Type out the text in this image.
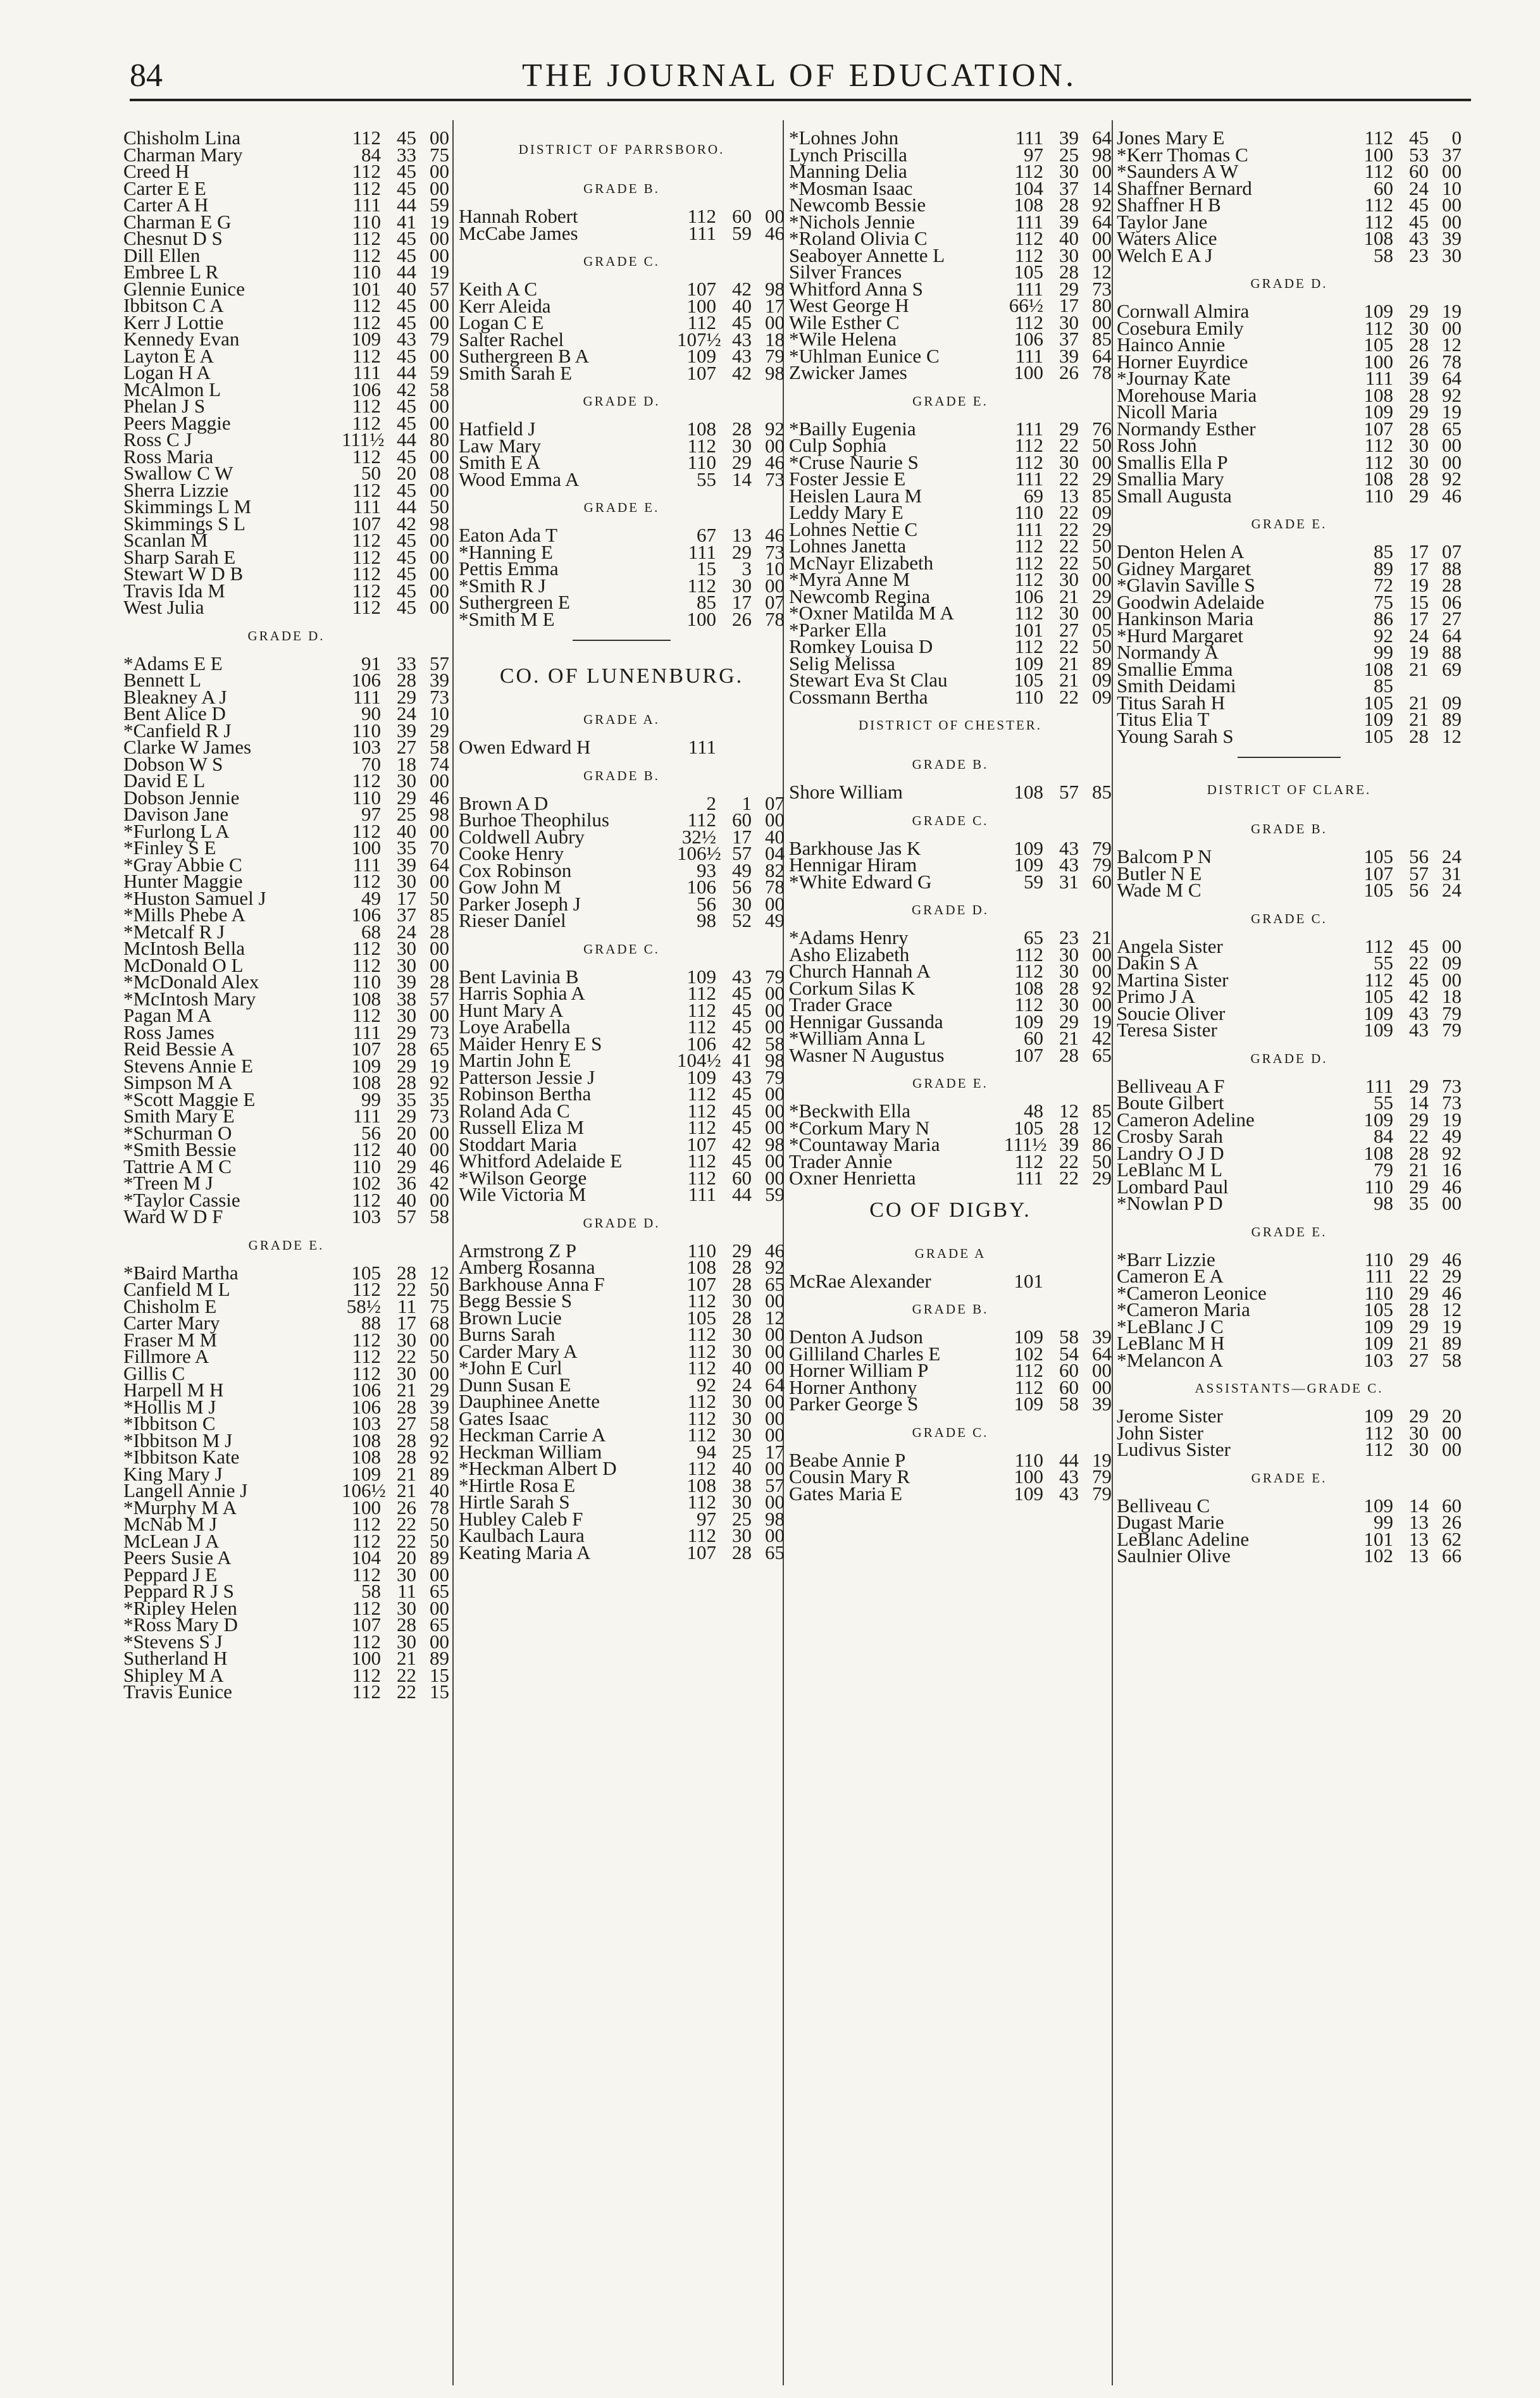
84	THE JOURNAL OF EDUCATION.
Chisholm Lina	112 45 00
Charman Mary	84 33 75
Creed H	112 45 00
Carter E E	112 45 00
Carter A H	111 44 59
Charman E G	110 41 19
Chesnut D S	112 45 00
Dill Ellen	112 45 00
Embree L R	110 44 19
Glennie Eunice	101 40 57
Ibbitson C A	112 45 00
Kerr J Lottie	112 45 00
Kennedy Evan	109 43 79
Layton E A	112 45 00
Logan H A	111 44 59
McAlmon L	106 42 58
Phelan J S	112 45 00
Peers Maggie	112 45 00
Ross C J	111½ 44 80
Ross Maria	112 45 00
Swallow C W	50 20 08
Sherra Lizzie	112 45 00
Skimmings L M	111 44 50
Skimmings S L	107 42 98
Scanlan M	112 45 00
Sharp Sarah E	112 45 00
Stewart W D B	112 45 00
Travis Ida M	112 45 00
West Julia	112 45 00
GRADE D.
*Adams E E	91 33 57
Bennett L	106 28 39
Bleakney A J	111 29 73
Bent Alice D	90 24 10
*Canfield R J	110 39 29
Clarke W James	103 27 58
Dobson W S	70 18 74
David E L	112 30 00
Dobson Jennie	110 29 46
Davison Jane	97 25 98
*Furlong L A	112 40 00
*Finley S E	100 35 70
*Gray Abbie C	111 39 64
Hunter Maggie	112 30 00
*Huston Samuel J	49 17 50
*Mills Phebe A	106 37 85
*Metcalf R J	68 24 28
McIntosh Bella	112 30 00
McDonald O L	112 30 00
*McDonald Alex	110 39 28
*McIntosh Mary	108 38 57
Pagan M A	112 30 00
Ross James	111 29 73
Reid Bessie A	107 28 65
Stevens Annie E	109 29 19
Simpson M A	108 28 92
*Scott Maggie E	99 35 35
Smith Mary E	111 29 73
*Schurman O	56 20 00
*Smith Bessie	112 40 00
Tattrie A M C	110 29 46
*Treen M J	102 36 42
*Taylor Cassie	112 40 00
Ward W D F	103 57 58
GRADE E.
*Baird Martha	105 28 12
Canfield M L	112 22 50
Chisholm E	58½ 11 75
Carter Mary	88 17 68
Fraser M M	112 30 00
Fillmore A	112 22 50
Gillis C	112 30 00
Harpell M H	106 21 29
*Hollis M J	106 28 39
*Ibbitson C	103 27 58
*Ibbitson M J	108 28 92
*Ibbitson Kate	108 28 92
King Mary J	109 21 89
Langell Annie J	106½ 21 40
*Murphy M A	100 26 78
McNab M J	112 22 50
McLean J A	112 22 50
Peers Susie A	104 20 89
Peppard J E	112 30 00
Peppard R J S	58 11 65
*Ripley Helen	112 30 00
*Ross Mary D	107 28 65
*Stevens S J	112 30 00
Sutherland H	100 21 89
Shipley M A	112 22 15
Travis Eunice	112 22 15
DISTRICT OF PARRSBORO.
GRADE B.
Hannah Robert	112 60 00
McCabe James	111 59 46
GRADE C.
Keith A C	107 42 98
Kerr Aleida	100 40 17
Logan C E	112 45 00
Salter Rachel	107½ 43 18
Suthergreen B A	109 43 79
Smith Sarah E	107 42 98
GRADE D.
Hatfield J	108 28 92
Law Mary	112 30 00
Smith E A	110 29 46
Wood Emma A	55 14 73
GRADE E.
Eaton Ada T	67 13 46
*Hanning E	111 29 73
Pettis Emma	15	3 10
*Smith R J	112 30 00
Suthergreen E	85 17 07
*Smith M E	100 26 78
CO. OF LUNENBURG.
GRADE A.
Owen Edward H	111
GRADE B.
Brown A D	2	1 07
Burhoe Theophilus	112 60 00
Coldwell Aubry	32½ 17 40
Cooke Henry	106½ 57 04
Cox Robinson	93 49 82
Gow John M	106 56 78
Parker Joseph J	56 30 00
Rieser Daniel	98 52 49
GRADE C.
Bent Lavinia B	109 43 79
Harris Sophia A	112 45 00
Hunt Mary A	112 45 00
Loye Arabella	112 45 00
Maider Henry E S	106 42 58
Martin John E	104½ 41 98
Patterson Jessie J	109 43 79
Robinson Bertha	112 45 00
Roland Ada C	112 45 00
Russell Eliza M	112 45 00
Stoddart Maria	107 42 98
Whitford Adelaide E	112 45 00
*Wilson George	112 60 00
Wile Victoria M	111 44 59
GRADE D.
Armstrong Z P	110 29 46
Amberg Rosanna	108 28 92
Barkhouse Anna F	107 28 65
Begg Bessie S	112 30 00
Brown Lucie	105 28 12
Burns Sarah	112 30 00
Carder Mary A	112 30 00
*John E Curl	112 40 00
Dunn Susan E	92 24 64
Dauphinee Anette	112 30 00
Gates Isaac	112 30 00
Heckman Carrie A	112 30 00
Heckman William	94 25 17
*Heckman Albert D	112 40 00
*Hirtle Rosa E	108 38 57
Hirtle Sarah S	112 30 00
Hubley Caleb F	97 25 98
Kaulbach Laura	112 30 00
Keating Maria A	107 28 65
*Lohnes John	111 39 64
Lynch Priscilla	97 25 98
Manning Delia	112 30 00
*Mosman Isaac	104 37 14
Newcomb Bessie	108 28 92
*Nichols Jennie	111 39 64
*Roland Olivia C	112 40 00
Seaboyer Annette L	112 30 00
Silver Frances	105 28 12
Whitford Anna S	111 29 73
West George H	66½ 17 80
Wile Esther C	112 30 00
*Wile Helena	106 37 85
*Uhlman Eunice C	111 39 64
Zwicker James	100 26 78
GRADE E.
*Bailly Eugenia	111 29 76
Culp Sophia	112 22 50
*Cruse Naurie S	112 30 00
Foster Jessie E	111 22 29
Heislen Laura M	69 13 85
Leddy Mary E	110 22 09
Lohnes Nettie C	111 22 29
Lohnes Janetta	112 22 50
McNayr Elizabeth	112 22 50
*Myra Anne M	112 30 00
Newcomb Regina	106 21 29
*Oxner Matilda M A	112 30 00
*Parker Ella	101 27 05
Romkey Louisa D	112 22 50
Selig Melissa	109 21 89
Stewart Eva St Clau	105 21 09
Cossmann Bertha	110 22 09
DISTRICT OF CHESTER.
GRADE B.
Shore William	108 57 85
GRADE C.
Barkhouse Jas K	109 43 79
Hennigar Hiram	109 43 79
*White Edward G	59 31 60
GRADE D.
*Adams Henry	65 23 21
Asho Elizabeth	112 30 00
Church Hannah A	112 30 00
Corkum Silas K	108 28 92
Trader Grace	112 30 00
Hennigar Gussanda	109 29 19
*William Anna L	60 21 42
Wasner N Augustus	107 28 65
GRADE E.
*Beckwith Ella	48 12 85
*Corkum Mary N	105 28 12
*Countaway Maria	111½ 39 86
Trader Annie	112 22 50
Oxner Henrietta	111 22 29
CO OF DIGBY.
GRADE A
McRae Alexander	101
GRADE B.
Denton A Judson	109 58 39
Gilliland Charles E	102 54 64
Horner William P	112 60 00
Horner Anthony	112 60 00
Parker George S	109 58 39
GRADE C.
Beabe Annie P	110 44 19
Cousin Mary R	100 43 79
Gates Maria E	109 43 79
Jones Mary E	112 45	0
*Kerr Thomas C	100 53 37
*Saunders A W	112 60 00
Shaffner Bernard	60 24 10
Shaffner H B	112 45 00
Taylor Jane	112 45 00
Waters Alice	108 43 39
Welch E A J	58 23 30
GRADE D.
Cornwall Almira	109 29 19
Cosebura Emily	112 30 00
Hainco Annie	105 28 12
Horner Euyrdice	100 26 78
*Journay Kate	111 39 64
Morehouse Maria	108 28 92
Nicoll Maria	109 29 19
Normandy Esther	107 28 65
Ross John	112 30 00
Smallis Ella P	112 30 00
Smallia Mary	108 28 92
Small Augusta	110 29 46
GRADE E.
Denton Helen A	85 17 07
Gidney Margaret	89 17 88
*Glavin Saville S	72 19 28
Goodwin Adelaide	75 15 06
Hankinson Maria	86 17 27
*Hurd Margaret	92 24 64
Normandy A	99 19 88
Smallie Emma	108 21 69
Smith Deidami	85
Titus Sarah H	105 21 09
Titus Elia T	109 21 89
Young Sarah S	105 28 12
DISTRICT OF CLARE.
GRADE B.
Balcom P N	105 56 24
Butler N E	107 57 31
Wade M C	105 56 24
GRADE C.
Angela Sister	112 45 00
Dakin S A	55 22 09
Martina Sister	112 45 00
Primo J A	105 42 18
Soucie Oliver	109 43 79
Teresa Sister	109 43 79
GRADE D.
Belliveau A F	111 29 73
Boute Gilbert	55 14 73
Cameron Adeline	109 29 19
Crosby Sarah	84 22 49
Landry O J D	108 28 92
LeBlanc M L	79 21 16
Lombard Paul	110 29 46
*Nowlan P D	98 35 00
GRADE E.
*Barr Lizzie	110 29 46
Cameron E A	111 22 29
*Cameron Leonice	110 29 46
*Cameron Maria	105 28 12
*LeBlanc J C	109 29 19
LeBlanc M H	109 21 89
*Melancon A	103 27 58
ASSISTANTS—GRADE C.
Jerome Sister	109 29 20
John Sister	112 30 00
Ludivus Sister	112 30 00
GRADE E.
Belliveau C	109 14 60
Dugast Marie	99 13 26
LeBlanc Adeline	101 13 62
Saulnier Olive	102 13 66
